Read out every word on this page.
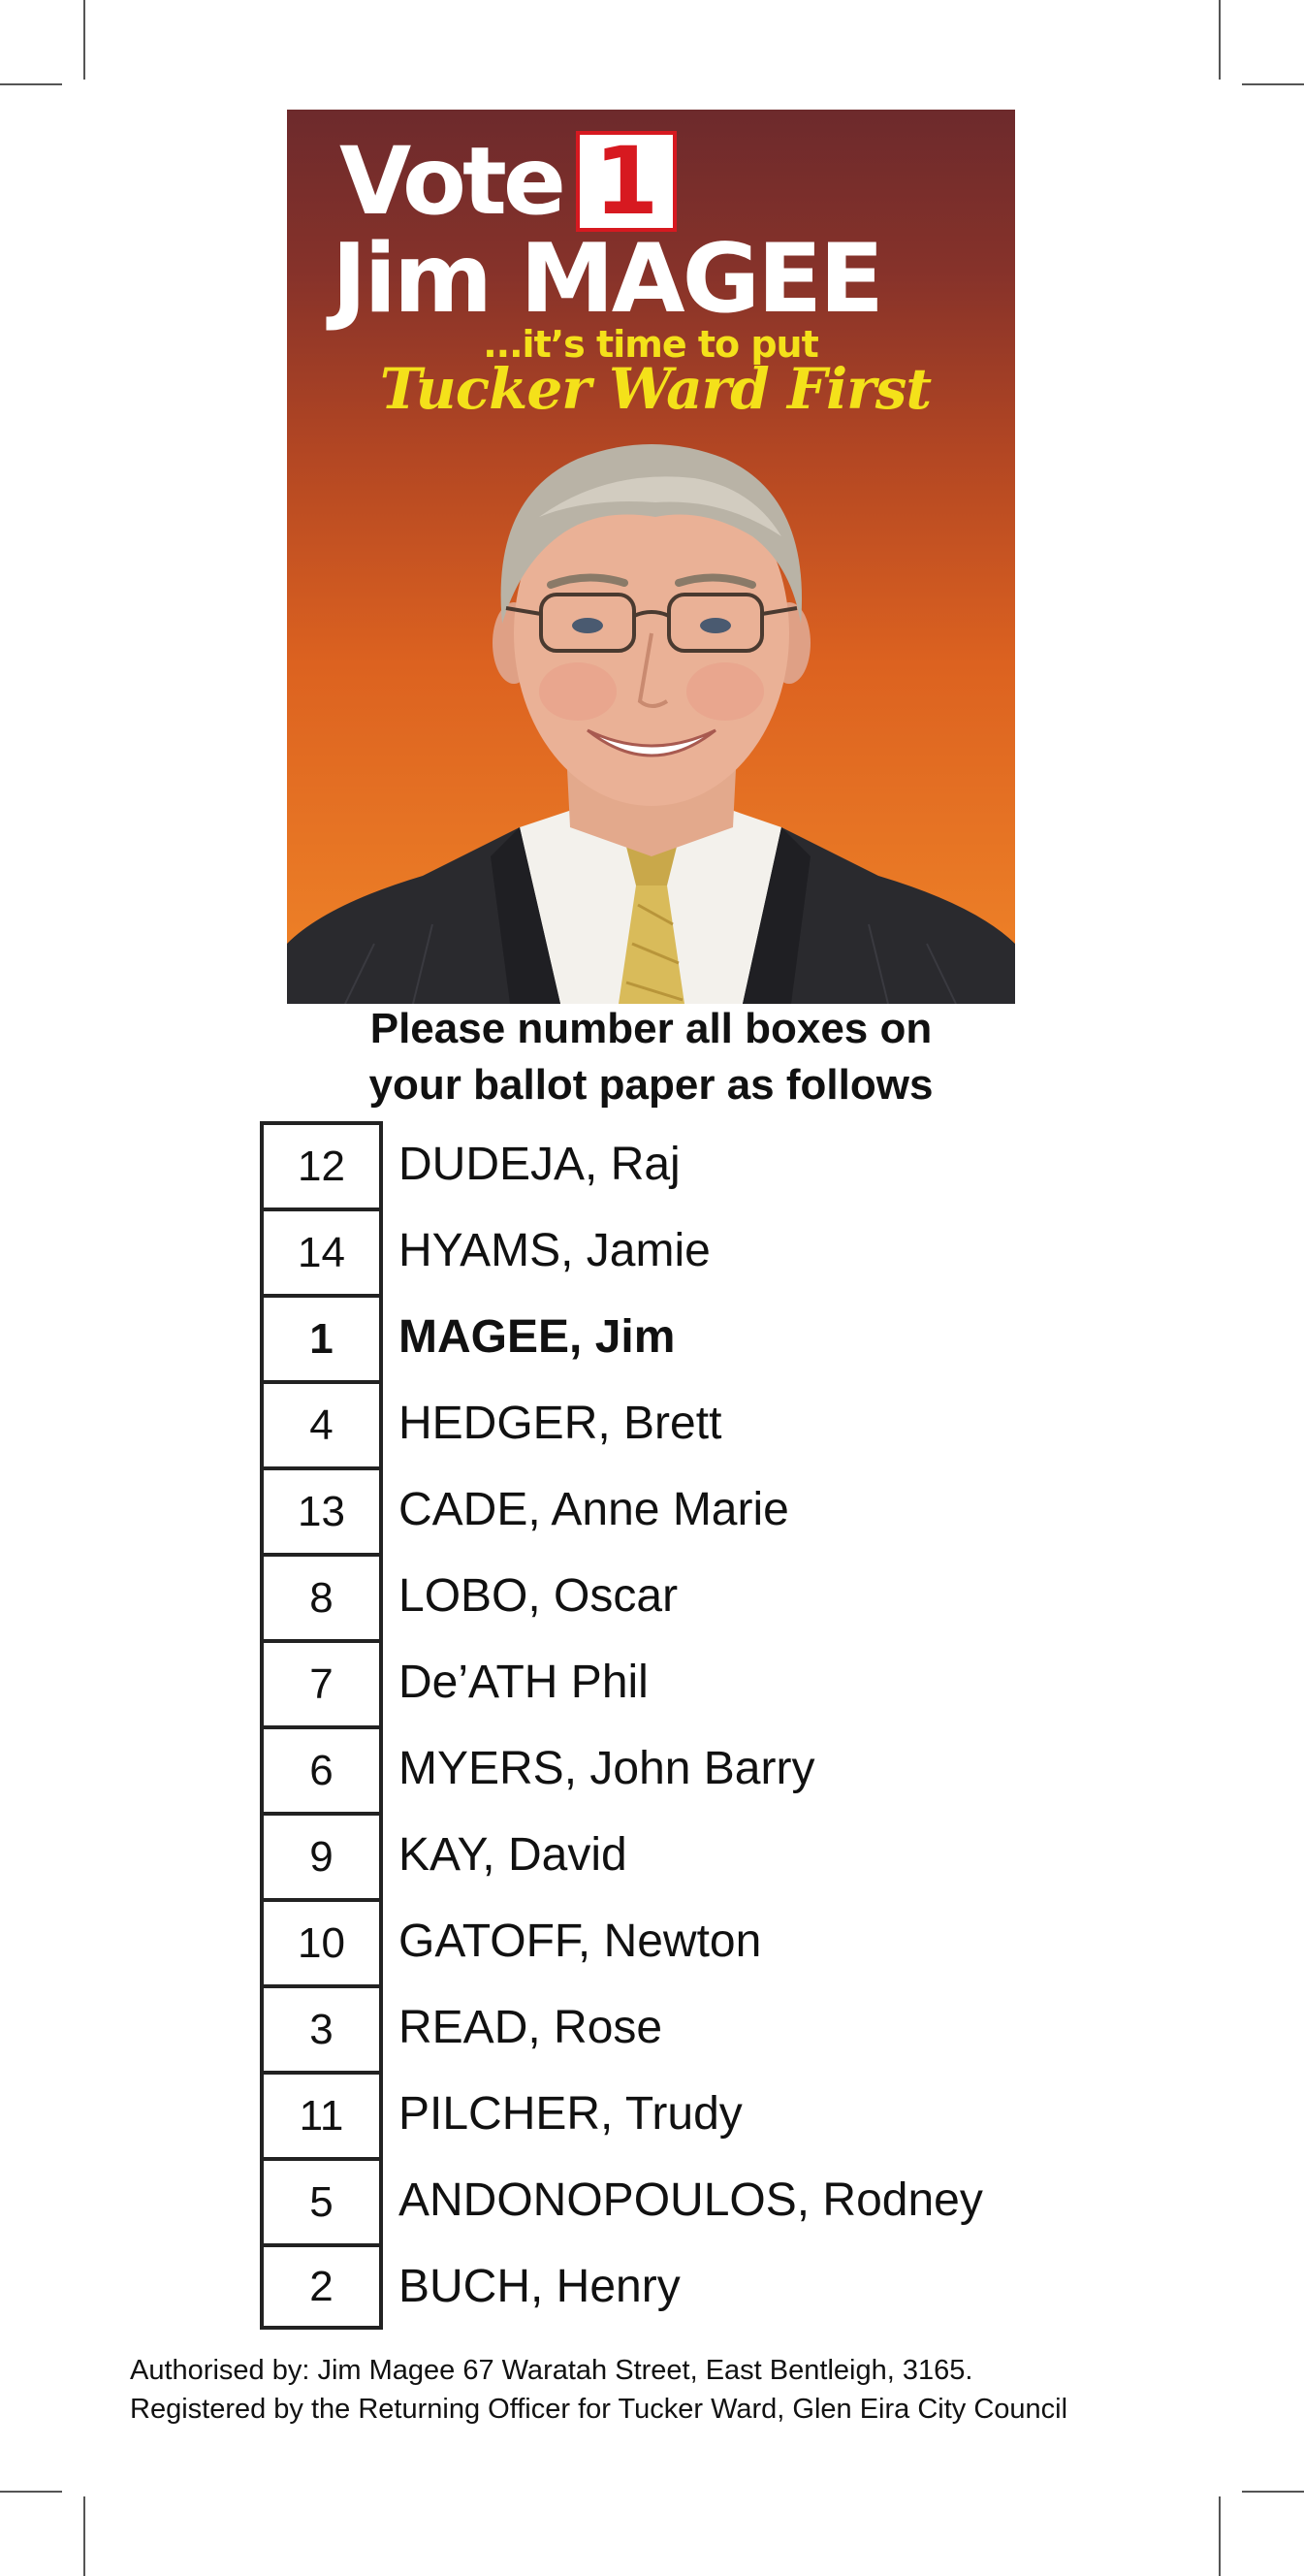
Vote 1
Jim MAGEE
...it’s time to put
Tucker Ward First
Please number all boxes on
your ballot paper as follows
12	DUDEJA, Raj
14	HYAMS, Jamie
1	MAGEE, Jim
4	HEDGER, Brett
13	CADE, Anne Marie
8	LOBO, Oscar
7	De’ATH Phil
6	MYERS, John Barry
9	KAY, David
10	GATOFF, Newton
3	READ, Rose
11	PILCHER, Trudy
5	ANDONOPOULOS, Rodney
2	BUCH, Henry
Authorised by: Jim Magee 67 Waratah Street, East Bentleigh, 3165.
Registered by the Returning Officer for Tucker Ward, Glen Eira City Council
